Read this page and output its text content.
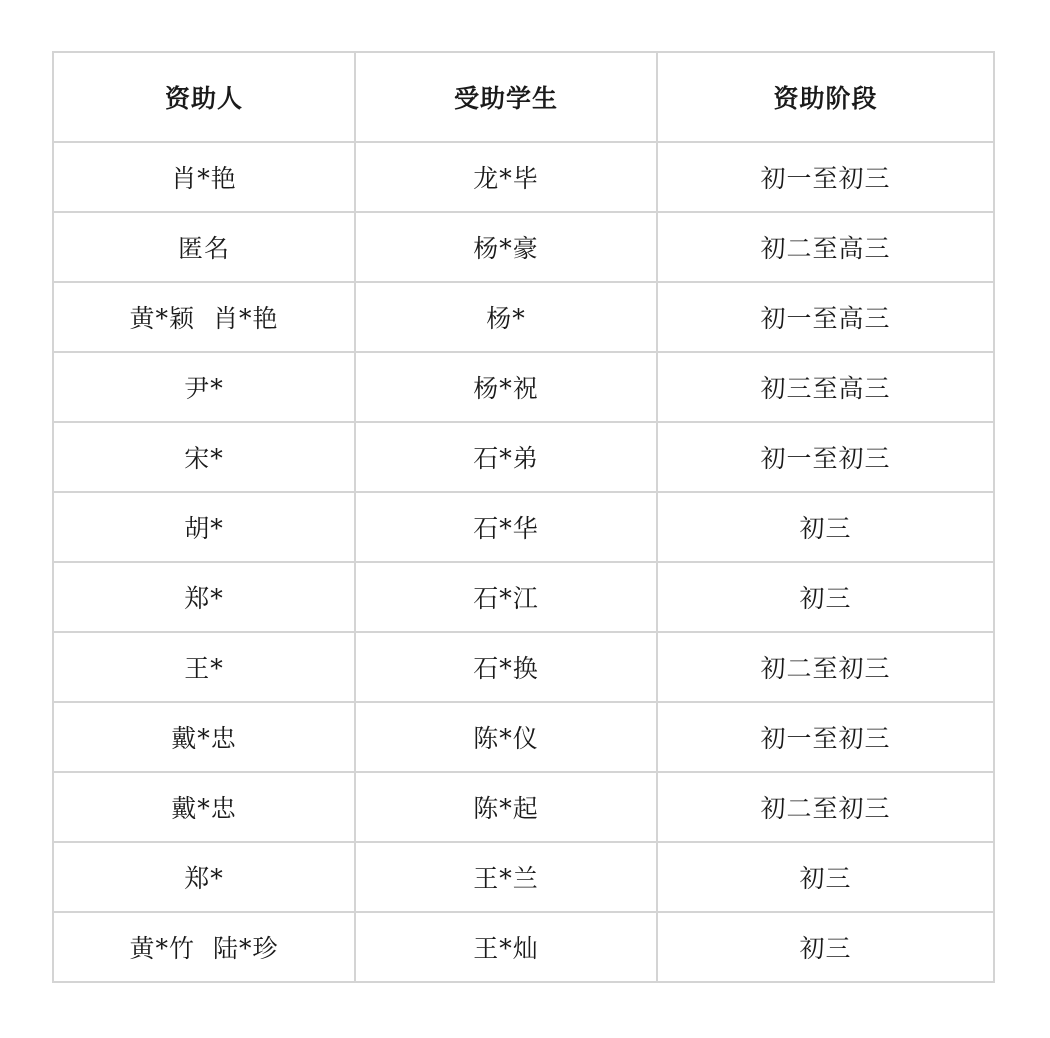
资助人	受助学生	资助阶段
肖*艳	龙*毕	初一至初三
匿名	杨*豪	初二至高三
黄*颖  肖*艳	杨*	初一至高三
尹*	杨*祝	初三至高三
宋*	石*弟	初一至初三
胡*	石*华	初三
郑*	石*江	初三
王*	石*换	初二至初三
戴*忠	陈*仪	初一至初三
戴*忠	陈*起	初二至初三
郑*	王*兰	初三
黄*竹  陆*珍	王*灿	初三
